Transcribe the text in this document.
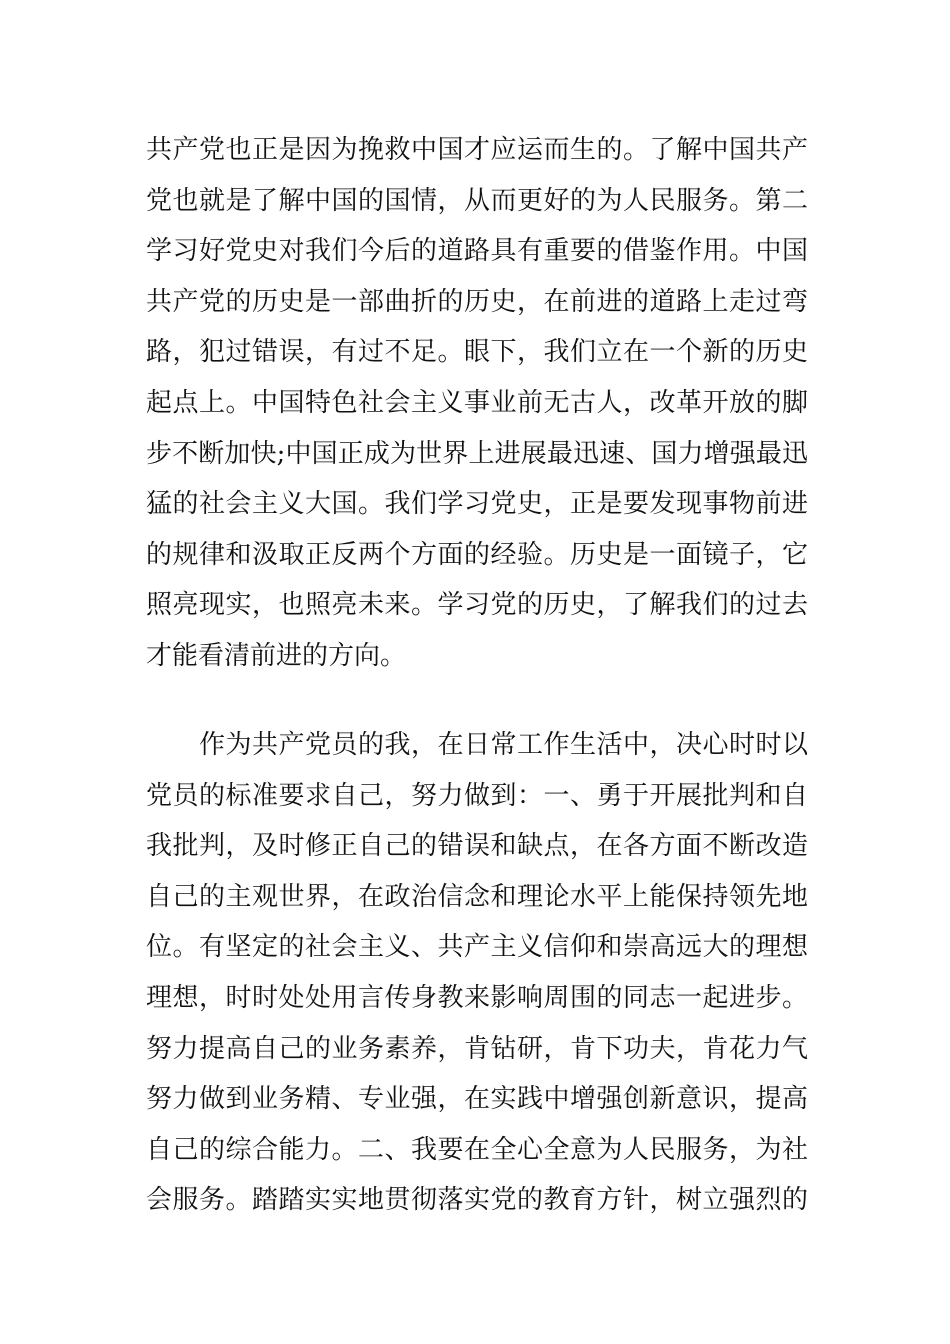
共产党也正是因为挽救中国才应运而生的。了解中国共产
党也就是了解中国的国情，从而更好的为人民服务。第二
学习好党史对我们今后的道路具有重要的借鉴作用。中国
共产党的历史是一部曲折的历史，在前进的道路上走过弯
路，犯过错误，有过不足。眼下，我们立在一个新的历史
起点上。中国特色社会主义事业前无古人，改革开放的脚
步不断加快;中国正成为世界上进展最迅速、国力增强最迅
猛的社会主义大国。我们学习党史，正是要发现事物前进
的规律和汲取正反两个方面的经验。历史是一面镜子，它
照亮现实，也照亮未来。学习党的历史，了解我们的过去
才能看清前进的方向。
　　作为共产党员的我，在日常工作生活中，决心时时以
党员的标准要求自己，努力做到：一、勇于开展批判和自
我批判，及时修正自己的错误和缺点，在各方面不断改造
自己的主观世界，在政治信念和理论水平上能保持领先地
位。有坚定的社会主义、共产主义信仰和崇高远大的理想
理想，时时处处用言传身教来影响周围的同志一起进步。
努力提高自己的业务素养，肯钻研，肯下功夫，肯花力气
努力做到业务精、专业强，在实践中增强创新意识，提高
自己的综合能力。二、我要在全心全意为人民服务，为社
会服务。踏踏实实地贯彻落实党的教育方针，树立强烈的
